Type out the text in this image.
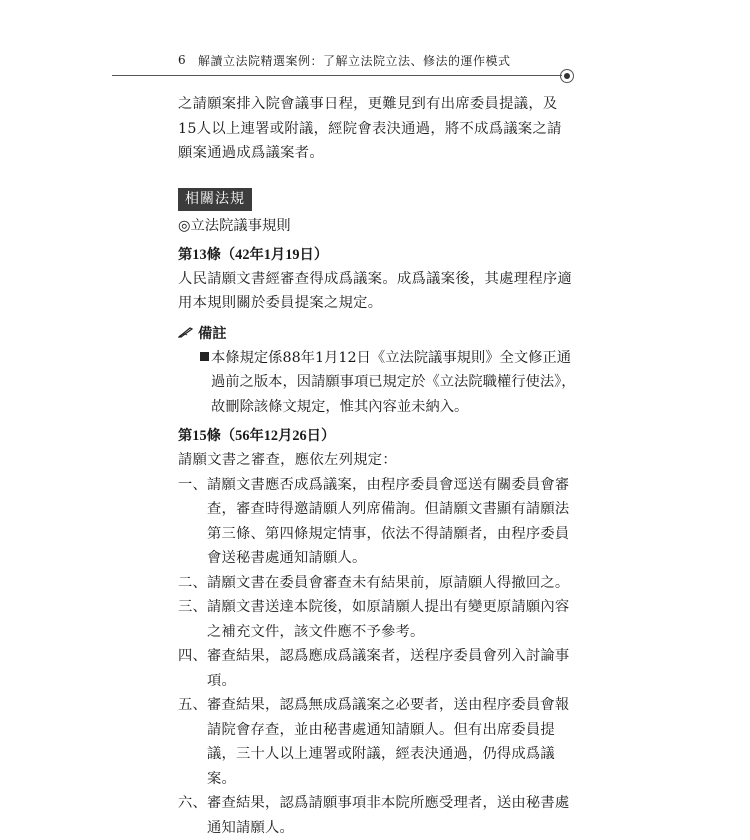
6 解讀立法院精選案例：了解立法院立法、修法的運作模式

之請願案排入院會議事日程，更難見到有出席委員提議，及15人以上連署或附議，經院會表決通過，將不成爲議案之請願案通過成爲議案者。

相關法規
◎立法院議事規則
第13條（42年1月19日）

人民請願文書經審查得成爲議案。成爲議案後，其處理程序適用本規則關於委員提案之規定。

備註
本條規定係88年1月12日《立法院議事規則》全文修正通過前之版本，因請願事項已規定於《立法院職權行使法》，故刪除該條文規定，惟其內容並未納入。
第15條（56年12月26日）

請願文書之審查，應依左列規定：

一、 請願文書應否成爲議案，由程序委員會逕送有關委員會審查，審查時得邀請願人列席備詢。但請願文書顯有請願法第三條、第四條規定情事，依法不得請願者，由程序委員會送秘書處通知請願人。
二、 請願文書在委員會審查未有結果前，原請願人得撤回之。
三、 請願文書送達本院後，如原請願人提出有變更原請願內容之補充文件，該文件應不予參考。
四、 審查結果，認爲應成爲議案者，送程序委員會列入討論事項。
五、 審查結果，認爲無成爲議案之必要者，送由程序委員會報請院會存查，並由秘書處通知請願人。但有出席委員提議，三十人以上連署或附議，經表決通過，仍得成爲議案。
六、 審查結果，認爲請願事項非本院所應受理者，送由秘書處通知請願人。
